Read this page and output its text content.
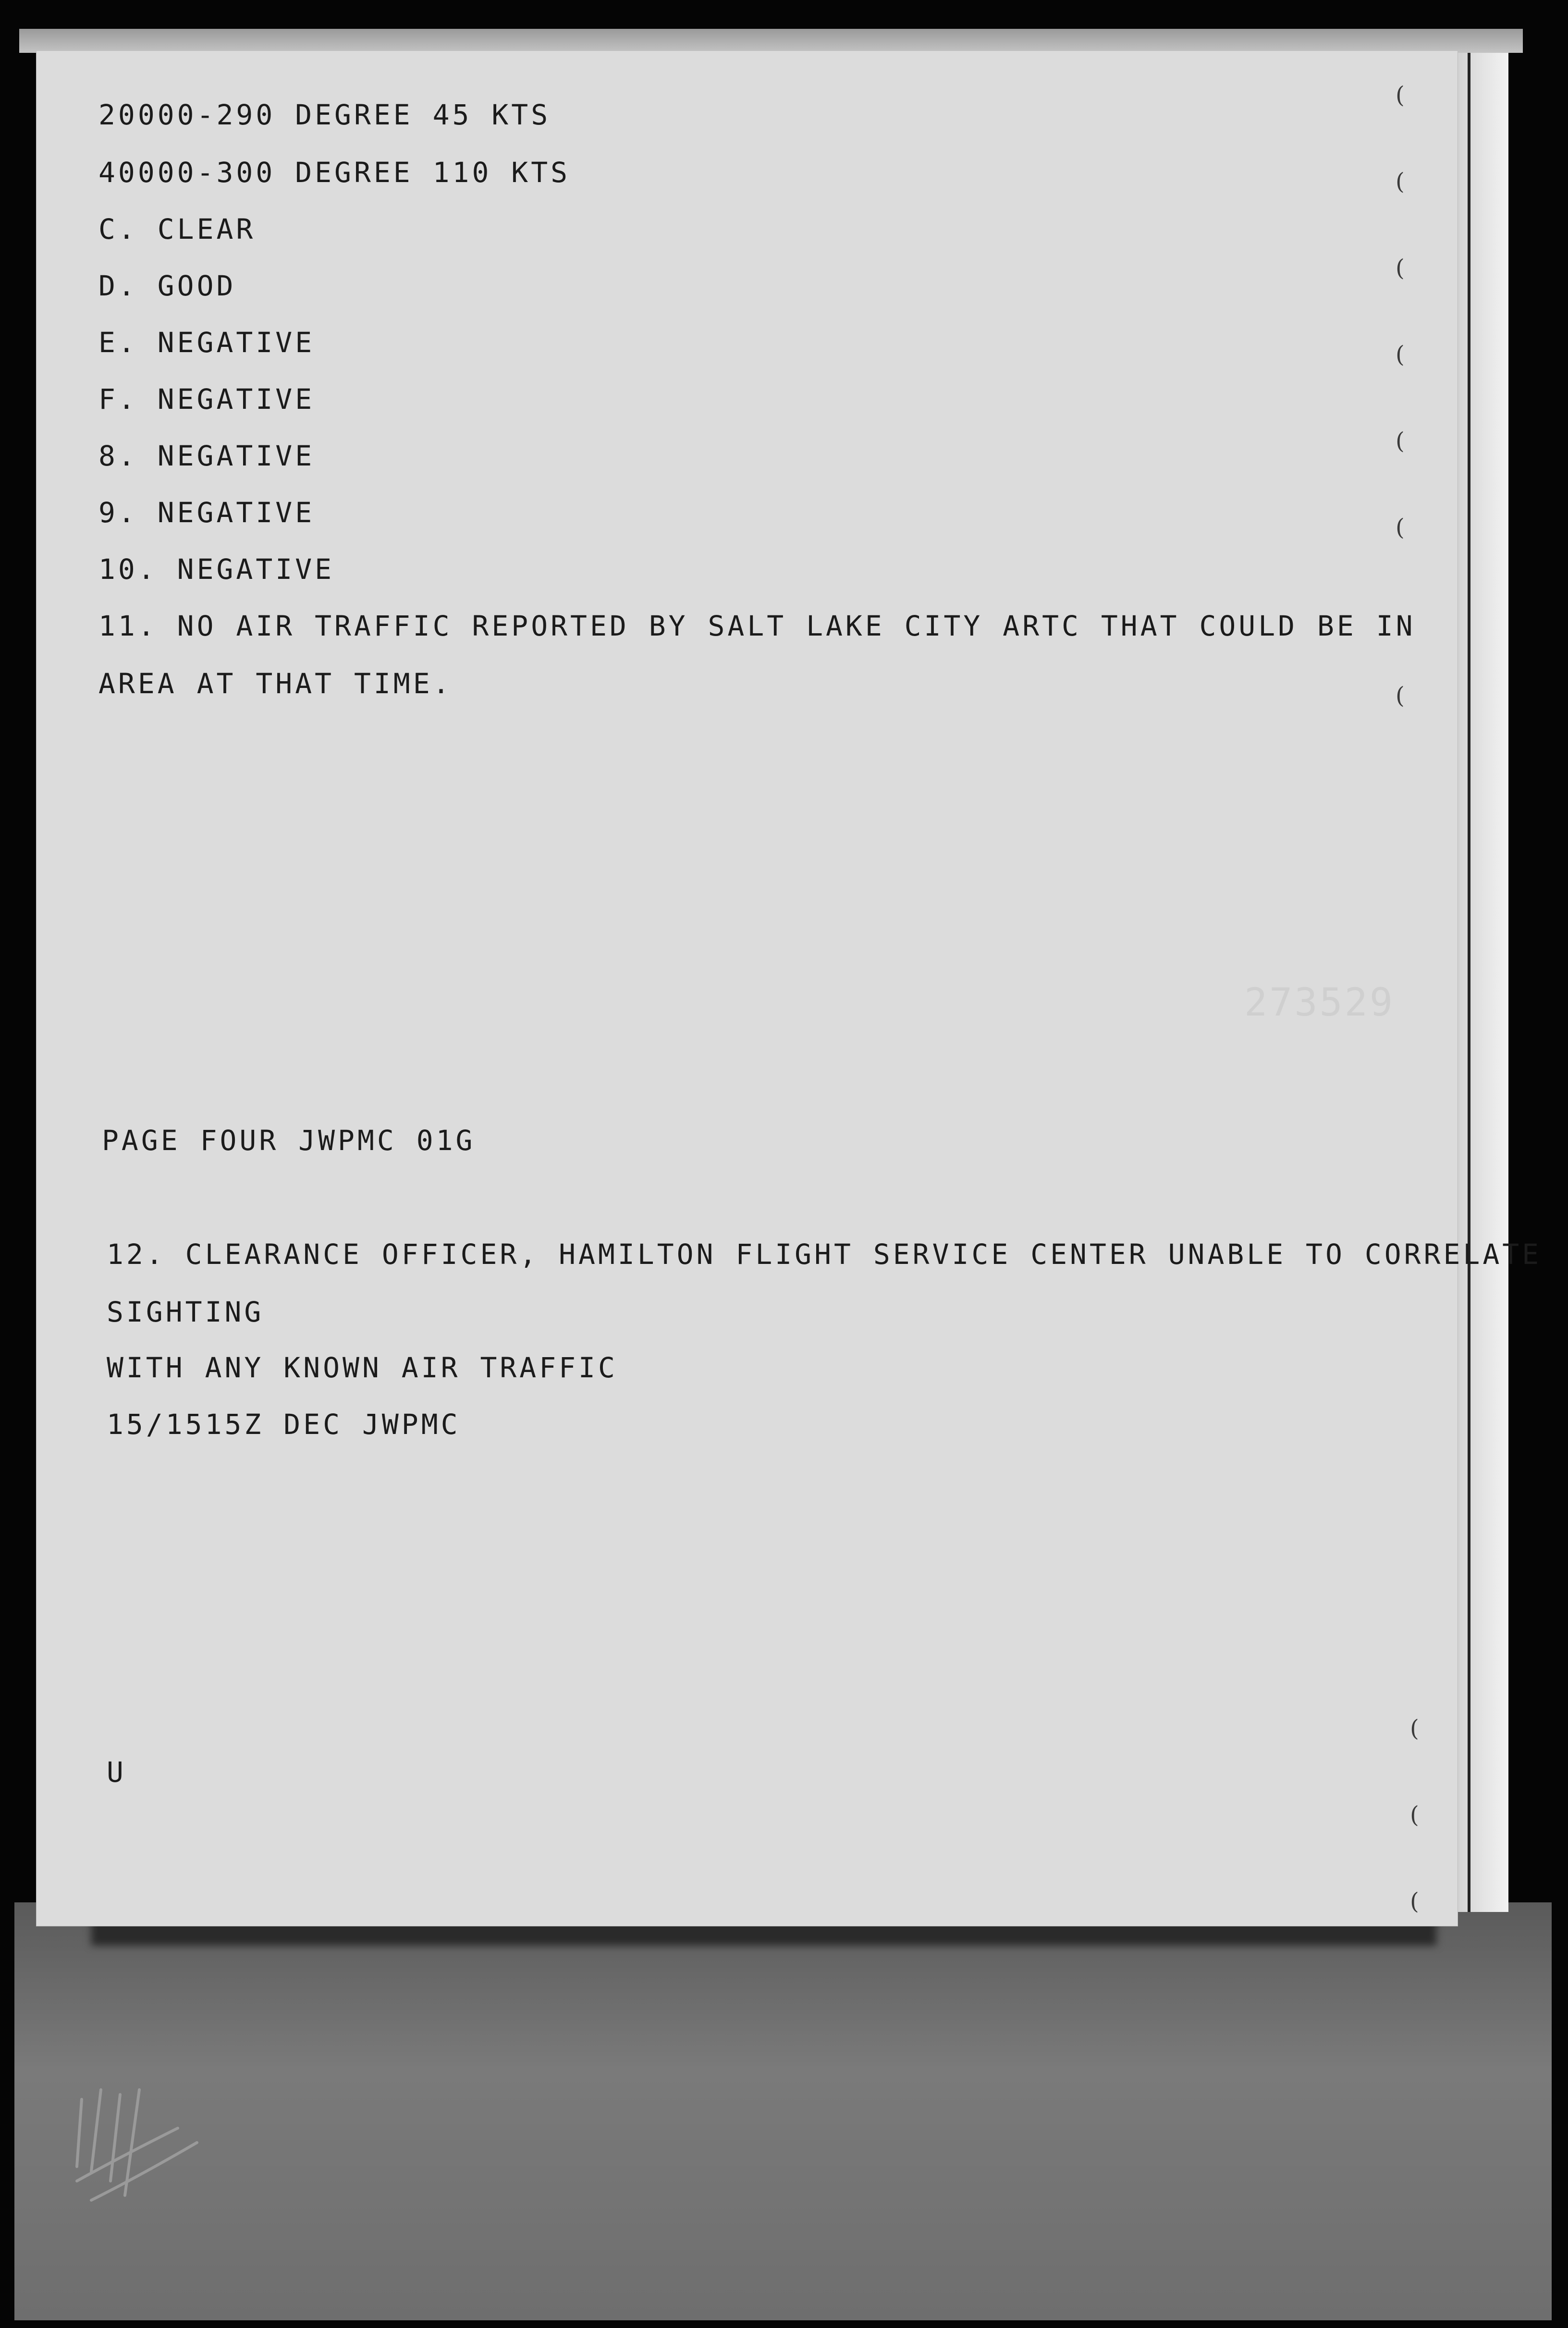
20000-290 DEGREE 45 KTS
40000-300 DEGREE 110 KTS
C. CLEAR
D. GOOD
E. NEGATIVE
F. NEGATIVE
8. NEGATIVE
9. NEGATIVE
10. NEGATIVE
11. NO AIR TRAFFIC REPORTED BY SALT LAKE CITY ARTC THAT COULD BE IN
AREA AT THAT TIME.
273529
PAGE FOUR JWPMC 01G
12. CLEARANCE OFFICER, HAMILTON FLIGHT SERVICE CENTER UNABLE TO CORRELATE
SIGHTING
WITH ANY KNOWN AIR TRAFFIC
15/1515Z DEC JWPMC
U
(
(
(
(
(
(
(
(
(
(
